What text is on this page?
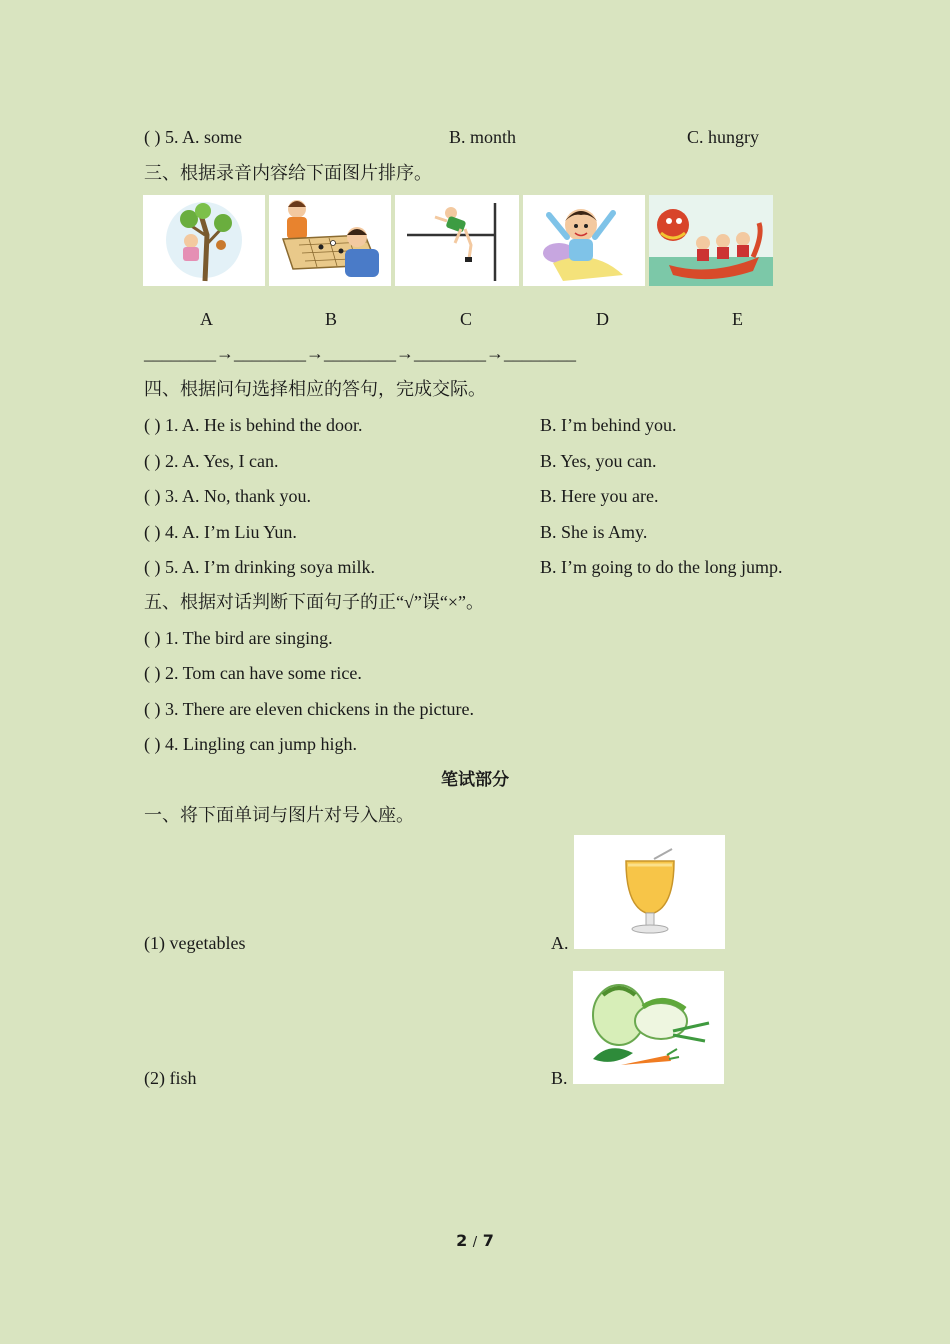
( ) 5. A. some	B. month	C. hungry
三、根据录音内容给下面图片排序。
A	B	C	D	E
________→________→________→________→________
四、根据问句选择相应的答句，完成交际。
( ) 1. A. He is behind the door.	B. I’m behind you.
( ) 2. A. Yes, I can.	B. Yes, you can.
( ) 3. A. No, thank you.	B. Here you are.
( ) 4. A. I’m Liu Yun.	B. She is Amy.
( ) 5. A. I’m drinking soya milk.	B. I’m going to do the long jump.
五、根据对话判断下面句子的正“√”误“×”。
( ) 1. The bird are singing.
( ) 2. Tom can have some rice.
( ) 3. There are eleven chickens in the picture.
( ) 4. Lingling can jump high.
笔试部分
一、将下面单词与图片对号入座。
(1) vegetables	A.
(2) fish	B.
2 / 7
